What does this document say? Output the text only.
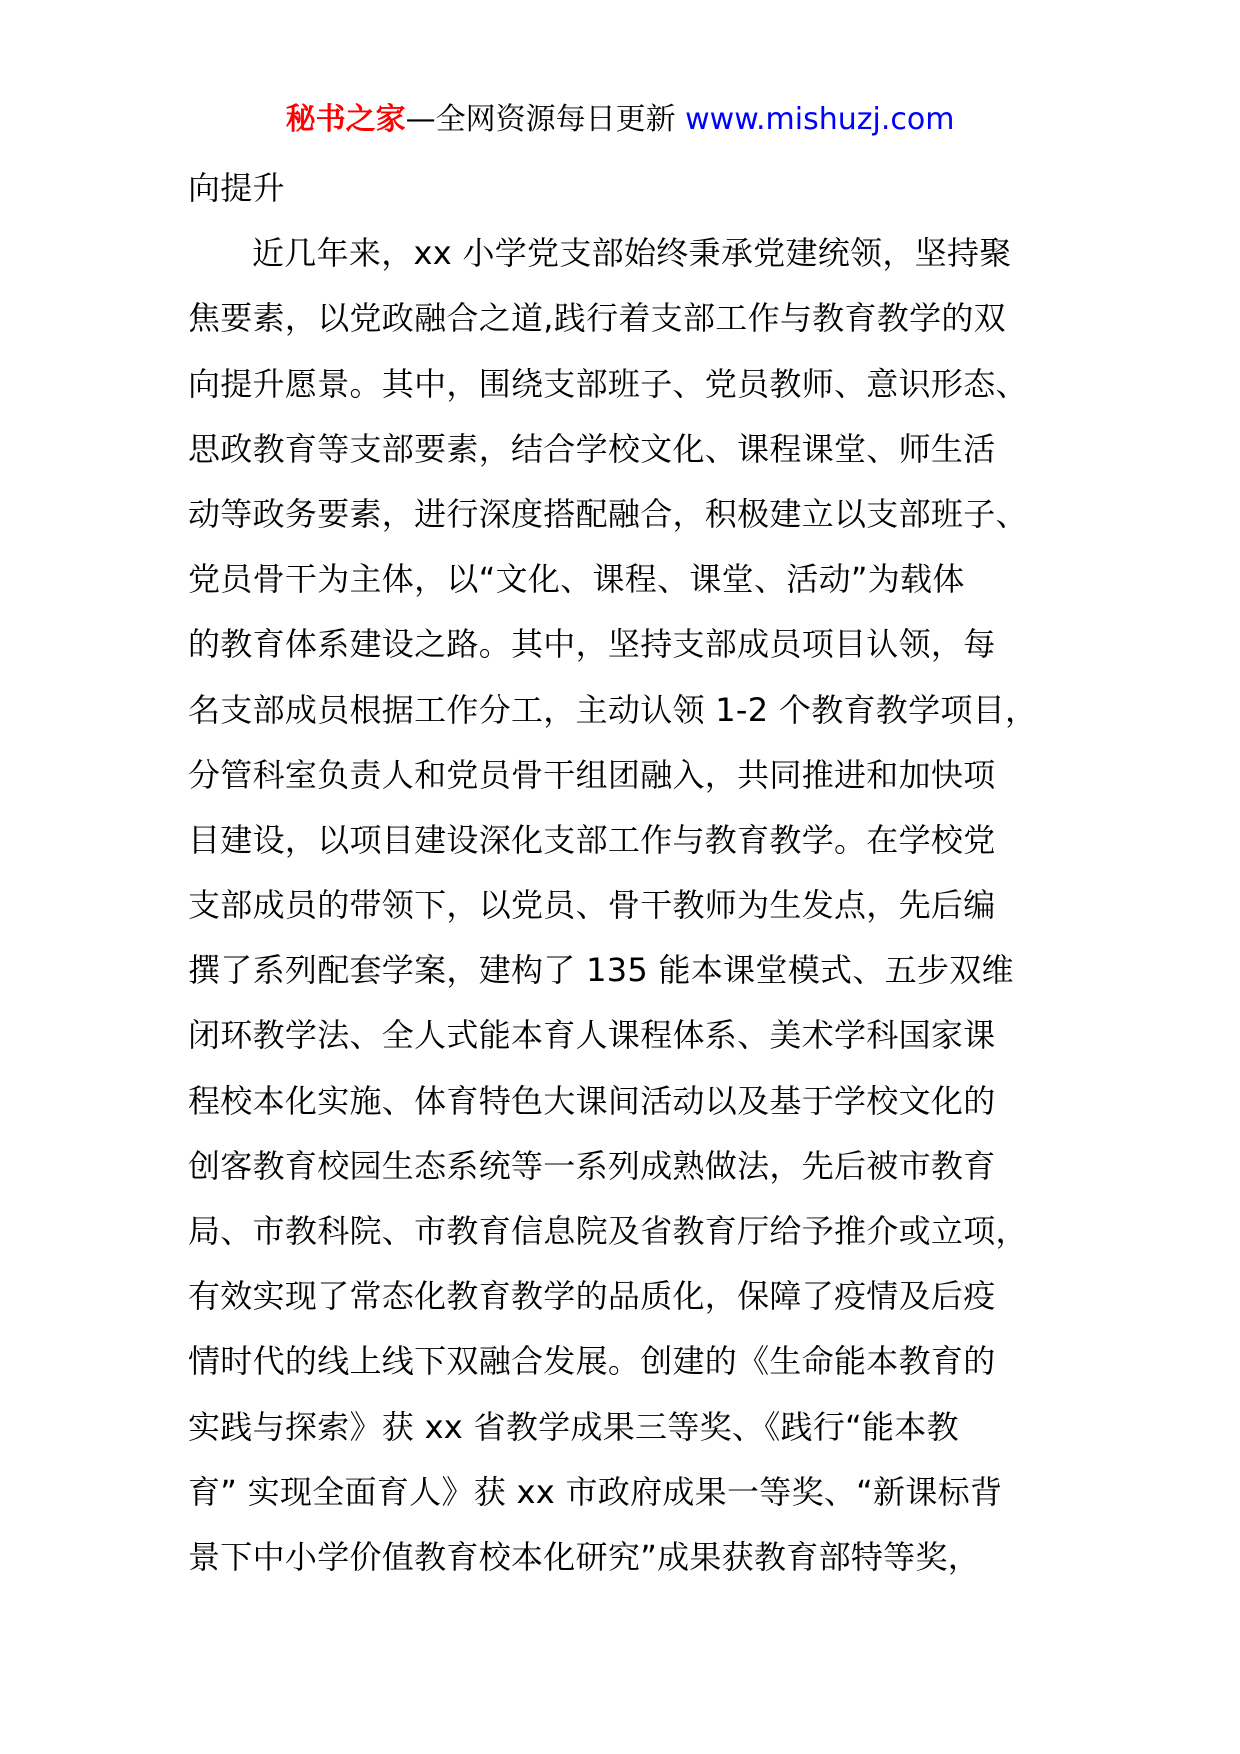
秘书之家—全网资源每日更新 www.mishuzj.com
向提升
近几年来，xx 小学党支部始终秉承党建统领，坚持聚
焦要素，以党政融合之道,践行着支部工作与教育教学的双
向提升愿景。其中，围绕支部班子、党员教师、意识形态、
思政教育等支部要素，结合学校文化、课程课堂、师生活
动等政务要素，进行深度搭配融合，积极建立以支部班子、
党员骨干为主体，以“文化、课程、课堂、活动”为载体
的教育体系建设之路。其中，坚持支部成员项目认领，每
名支部成员根据工作分工，主动认领 1-2 个教育教学项目，
分管科室负责人和党员骨干组团融入，共同推进和加快项
目建设，以项目建设深化支部工作与教育教学。在学校党
支部成员的带领下，以党员、骨干教师为生发点，先后编
撰了系列配套学案，建构了 135 能本课堂模式、五步双维
闭环教学法、全人式能本育人课程体系、美术学科国家课
程校本化实施、体育特色大课间活动以及基于学校文化的
创客教育校园生态系统等一系列成熟做法，先后被市教育
局、市教科院、市教育信息院及省教育厅给予推介或立项，
有效实现了常态化教育教学的品质化，保障了疫情及后疫
情时代的线上线下双融合发展。创建的《生命能本教育的
实践与探索》获 xx 省教学成果三等奖、《践行“能本教
育” 实现全面育人》获 xx 市政府成果一等奖、“新课标背
景下中小学价值教育校本化研究”成果获教育部特等奖，
